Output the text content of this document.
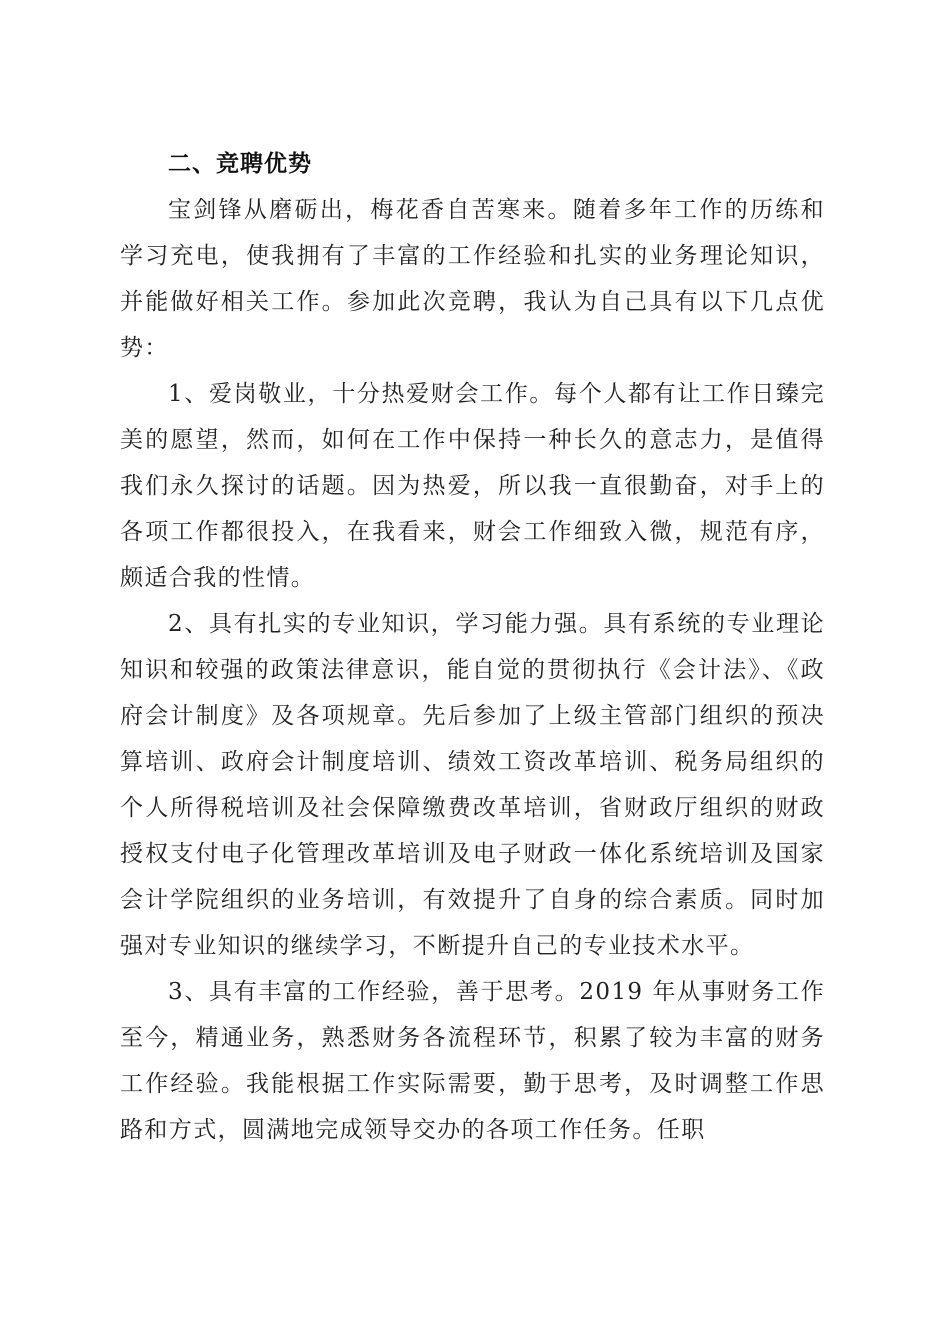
二、竞聘优势

宝剑锋从磨砺出，梅花香自苦寒来。随着多年工作的历练和学习充电，使我拥有了丰富的工作经验和扎实的业务理论知识，并能做好相关工作。参加此次竞聘，我认为自己具有以下几点优势：

1、爱岗敬业，十分热爱财会工作。每个人都有让工作日臻完美的愿望，然而，如何在工作中保持一种长久的意志力，是值得我们永久探讨的话题。因为热爱，所以我一直很勤奋，对手上的各项工作都很投入，在我看来，财会工作细致入微，规范有序，颇适合我的性情。

2、具有扎实的专业知识，学习能力强。具有系统的专业理论知识和较强的政策法律意识，能自觉的贯彻执行《会计法》、《政府会计制度》及各项规章。先后参加了上级主管部门组织的预决算培训、政府会计制度培训、绩效工资改革培训、税务局组织的个人所得税培训及社会保障缴费改革培训，省财政厅组织的财政授权支付电子化管理改革培训及电子财政一体化系统培训及国家会计学院组织的业务培训，有效提升了自身的综合素质。同时加强对专业知识的继续学习，不断提升自己的专业技术水平。

3、具有丰富的工作经验，善于思考。2019 年从事财务工作至今，精通业务，熟悉财务各流程环节，积累了较为丰富的财务工作经验。我能根据工作实际需要，勤于思考，及时调整工作思路和方式，圆满地完成领导交办的各项工作任务。任职
